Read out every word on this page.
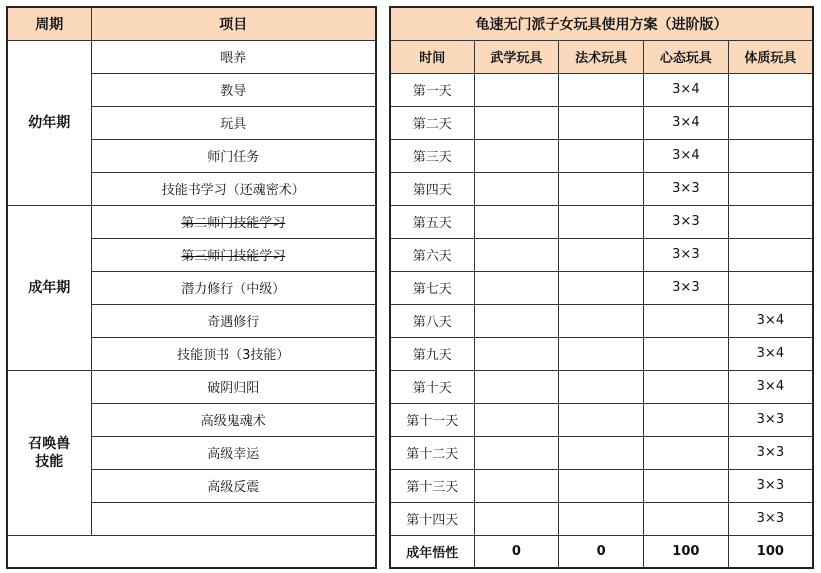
周期	项目
幼年期	喂养
	教导
	玩具
	师门任务
	技能书学习（还魂密术）
成年期	第二师门技能学习
	第三师门技能学习
	潜力修行（中级）
	奇遇修行
	技能顶书（3技能）
召唤兽
技能	破阴归阳
	高级鬼魂术
	高级幸运
	高级反震

龟速无门派子女玩具使用方案（进阶版）				
时间	武学玩具	法术玩具	心态玩具	体质玩具
第一天			3×4	
第二天			3×4	
第三天			3×4	
第四天			3×3	
第五天			3×3	
第六天			3×3	
第七天			3×3	
第八天				3×4
第九天				3×4
第十天				3×4
第十一天				3×3
第十二天				3×3
第十三天				3×3
第十四天				3×3
成年悟性	0	0	100	100
